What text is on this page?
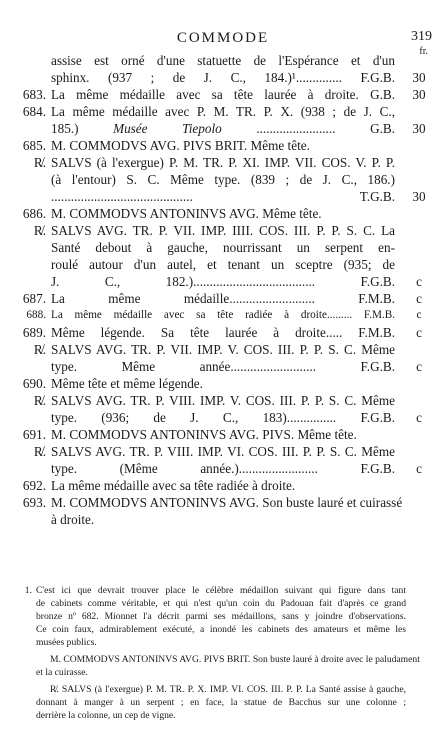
COMMODE	319
fr.
assise est orné d'une statuette de l'Espérance et d'un
sphinx. (937 ; de J. C., 184.)¹.............. F.G.B.	30
683. La même médaille avec sa tête laurée à droite. G.B.	30
684. La même médaille avec P. M. TR. P. X. (938 ; de J. C.,
185.) Musée Tiepolo ........................ G.B.	30
685. M. COMMODVS AVG. PIVS BRIT. Même tête.
R̸. SALVS (à l'exergue) P. M. TR. P. XI. IMP. VII. COS. V. P. P.
(à l'entour) S. C. Même type. (839 ; de J. C., 186.)
........................................... T.G.B.	30
686. M. COMMODVS ANTONINVS AVG. Même tête.
R̸. SALVS AVG. TR. P. VII. IMP. IIII. COS. III. P. P. S. C. La
Santé debout à gauche, nourrissant un serpent en-
roulé autour d'un autel, et tenant un sceptre (935; de
J. C., 182.)..................................... F.G.B.	c
687. La même médaille.......................... F.M.B.	c
688. La même médaille avec sa tête radiée à droite......... F.M.B.	c
689. Même légende. Sa tête laurée à droite..... F.M.B.	c
R̸. SALVS AVG. TR. P. VII. IMP. V. COS. III. P. P. S. C. Même
type. Même année.......................... F.G.B.	c
690. Même tête et même légende.
R̸. SALVS AVG. TR. P. VIII. IMP. V. COS. III. P. P. S. C. Même
type. (936; de J. C., 183)............... F.G.B.	c
691. M. COMMODVS ANTONINVS AVG. PIVS. Même tête.
R̸. SALVS AVG. TR. P. VIII. IMP. VI. COS. III. P. P. S. C. Même
type. (Même année.)........................ F.G.B.	c
692. La même médaille avec sa tête radiée à droite.
693. M. COMMODVS ANTONINVS AVG. Son buste lauré et cuirassé
à droite.
1. C'est ici que devrait trouver place le célèbre médaillon suivant qui figure dans tant
de cabinets comme véritable, et qui n'est qu'un coin du Padouan fait d'après ce grand
bronze nº 682. Mionnet l'a décrit parmi ses médaillons, sans y joindre d'observations.
Ce coin faux, admirablement exécuté, a inondé les cabinets des amateurs et même les
musées publics.
M. COMMODVS ANTONINVS AVG. PIVS BRIT. Son buste lauré à droite avec le paludament
et la cuirasse.
R̸. SALVS (à l'exergue) P. M. TR. P. X. IMP. VI. COS. III. P. P. La Santé assise à gauche,
donnant à manger à un serpent ; en face, la statue de Bacchus sur une colonne ;
derrière la colonne, un cep de vigne.
